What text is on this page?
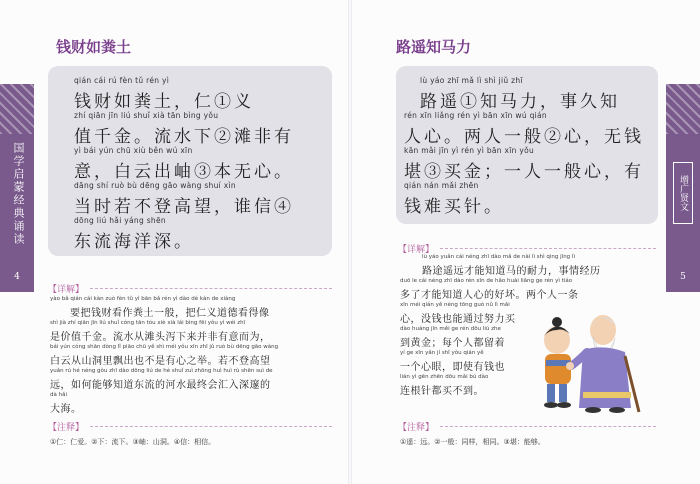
国学启蒙经典诵读
4
增广贤文
5
钱财如粪土
qián cái rú fèn tǔ rén yì
钱财如粪土，仁①义
zhí qiān jīn liú shuǐ xià tān bìng yǒu
值千金。流水下②滩非有
yì bái yún chū xiù běn wú xīn
意，白云出岫③本无心。
dāng shí ruò bù dēng gāo wàng shuí xìn
当时若不登高望，谁信④
dōng liú hǎi yáng shēn
东流海洋深。
【详解】
yào bǎ qián cái kàn zuò fèn tǔ yì bān bǎ rén yì dào dé kàn de xiàng
要把钱财看作粪土一般，把仁义道德看得像
shì jià zhí qiān jīn liú shuǐ cóng tān tóu xiè xià lái bìng fēi yǒu yì wéi zhī
是价值千金。流水从滩头泻下来并非有意而为，
bái yún cóng shān dòng lǐ piāo chū yě shì méi yǒu xīn zhī jǔ ruò bù dēng gāo wàng
白云从山洞里飘出也不是有心之举。若不登高望
yuǎn rú hé néng gòu zhī dào dōng liú de hé shuǐ zuì zhōng huì huì rù shēn suì de
远，如何能够知道东流的河水最终会汇入深邃的
dà hǎi
大海。
【注释】
①仁：仁爱。②下：流下。③岫：山洞。④信：相信。
路遥知马力
lù yáo zhī mǎ lì shì jiǔ zhī
路遥①知马力，事久知
rén xīn liǎng rén yì bān xīn wú qián
人心。两人一般②心，无钱
kān mǎi jīn yì rén yì bān xīn yǒu
堪③买金；一人一般心，有
qián nán mǎi zhēn
钱难买针。
【详解】
lù yáo yuǎn cái néng zhī dào mǎ de nài lì shì qing jīng lì
路途遥远才能知道马的耐力，事情经历
duō le cái néng zhī dào rén xīn de hǎo huài liǎng ge rén yì tiáo
多了才能知道人心的好坏。两个人一条
xīn méi qián yě néng tōng guò nǔ lì mǎi
心，没钱也能通过努力买
dào huáng jīn měi ge rén dōu liú zhe
到黄金；每个人都留着
yí ge xīn yǎn jí shǐ yǒu qián yě
一个心眼，即使有钱也
lián yì gēn zhēn dōu mǎi bú dào
连根针都买不到。
【注释】
①遥：远。②一般：同样，相同。③堪：能够。
